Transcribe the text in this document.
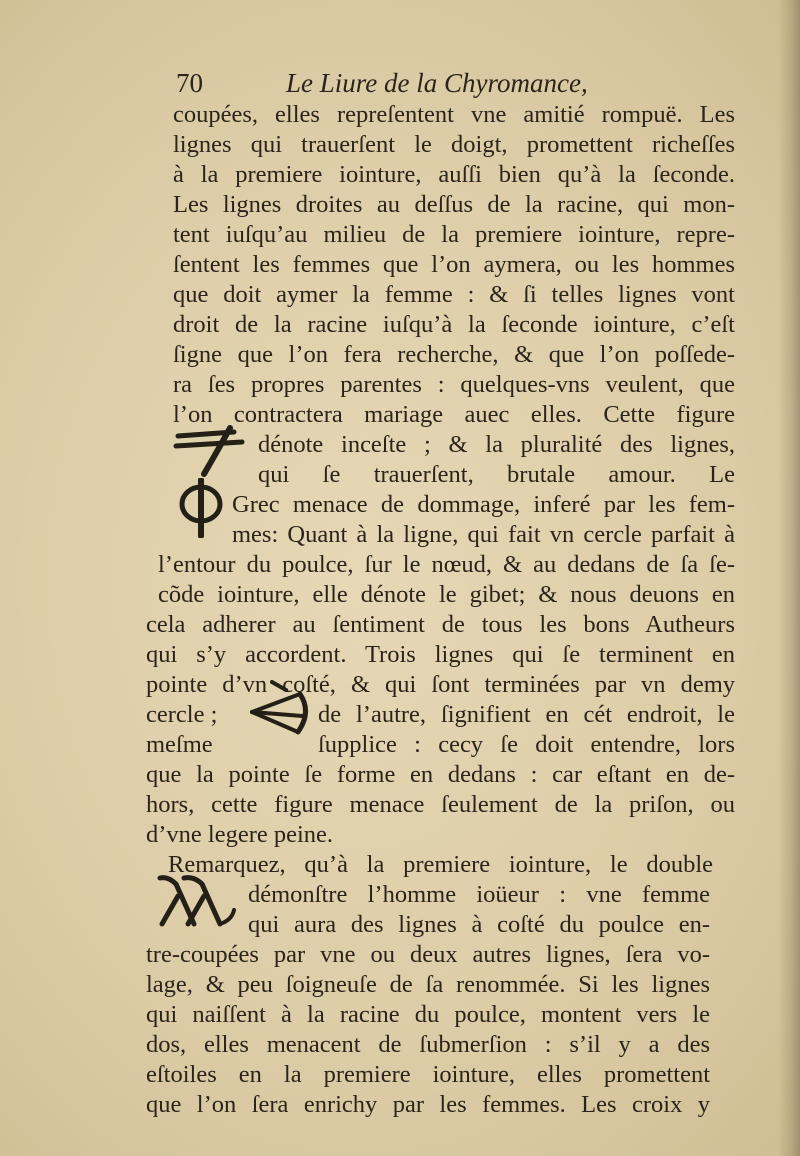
70	Le Liure de la Chyromance,
coupées, elles repreſentent vne amitié rompuë. Les
lignes qui trauerſent le doigt, promettent richeſſes
à la premiere iointure, auſſi bien qu’à la ſeconde.
Les lignes droites au deſſus de la racine, qui mon-
tent iuſqu’au milieu de la premiere iointure, repre-
ſentent les femmes que l’on aymera, ou les hommes
que doit aymer la femme : & ſi telles lignes vont
droit de la racine iuſqu’à la ſeconde iointure, c’eſt
ſigne que l’on fera recherche, & que l’on poſſede-
ra ſes propres parentes : quelques-vns veulent, que
l’on contractera mariage auec elles. Cette figure
dénote inceſte ; & la pluralité des lignes,
qui ſe trauerſent, brutale amour. Le
Grec menace de dommage, inferé par les fem-
mes: Quant à la ligne, qui fait vn cercle parfait à
l’entour du poulce, ſur le nœud, & au dedans de ſa ſe-
cõde iointure, elle dénote le gibet; & nous deuons en
cela adherer au ſentiment de tous les bons Autheurs
qui s’y accordent. Trois lignes qui ſe terminent en
pointe d’vn coſté, & qui ſont terminées par vn demy
cercle ;	de l’autre, ſignifient en cét endroit, le
meſme	ſupplice : cecy ſe doit entendre, lors
que la pointe ſe forme en dedans : car eſtant en de-
hors, cette figure menace ſeulement de la priſon, ou
d’vne legere peine.
Remarquez, qu’à la premiere iointure, le double
démonſtre l’homme ioüeur : vne femme
qui aura des lignes à coſté du poulce en-
tre-coupées par vne ou deux autres lignes, ſera vo-
lage, & peu ſoigneuſe de ſa renommée. Si les lignes
qui naiſſent à la racine du poulce, montent vers le
dos, elles menacent de ſubmerſion : s’il y a des
eſtoiles en la premiere iointure, elles promettent
que l’on ſera enrichy par les femmes. Les croix y
